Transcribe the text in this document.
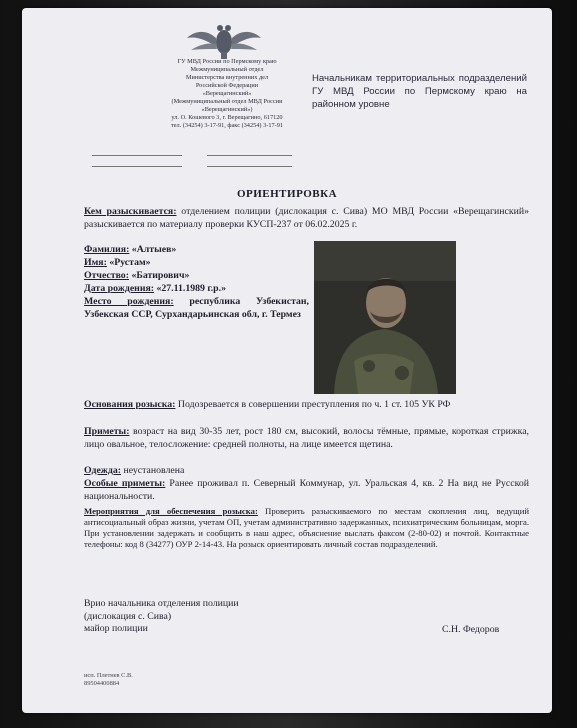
ГУ МВД России по Пермскому краю
Межмуниципальный отдел
Министерства внутренних дел
Российской Федерации
«Верещагинский»
(Межмуниципальный отдел МВД России
«Верещагинский»)
ул. О. Кошевого 3, г. Верещагино, 617120
тел. (34254) 3-17-91, факс (34254) 3-17-91
Начальникам территориальных подразделений ГУ МВД России по Пермскому краю на районном уровне
ОРИЕНТИРОВКА
Кем разыскивается: отделением полиции (дислокация с. Сива) МО МВД России «Верещагинский» разыскивается по материалу проверки КУСП-237 от 06.02.2025 г.
Фамилия: «Алтыев»
Имя: «Рустам»
Отчество: «Батирович»
Дата рождения: «27.11.1989 г.р.»
Место рождения: республика Узбекистан, Узбекская ССР, Сурхандарьинская обл, г. Термез
Основания розыска: Подозревается в совершении преступления по ч. 1 ст. 105 УК РФ
Приметы: возраст на вид 30-35 лет, рост 180 см, высокий, волосы тёмные, прямые, короткая стрижка, лицо овальное, телосложение: средней полноты, на лице имеется щетина.
Одежда: неустановлена
Особые приметы: Ранее проживал п. Северный Коммунар, ул. Уральская 4, кв. 2 На вид не Русской национальности.
Мероприятия для обеспечения розыска: Проверить разыскиваемого по местам скопления лиц, ведущий антисоциальный образ жизни, учетам ОП, учетам административно задержанных, психиатрическим больницам, морга. При установлении задержать и сообщить в наш адрес, объяснение выслать факсом (2-80-02) и почтой. Контактные телефоны: код 8 (34277) ОУР 2-14-43. На розыск ориентировать личный состав подразделений.
Врио начальника отделения полиции
(дислокация с. Сива)
майор полиции	С.Н. Федоров
исп. Плетнев С.В.
89504400884
